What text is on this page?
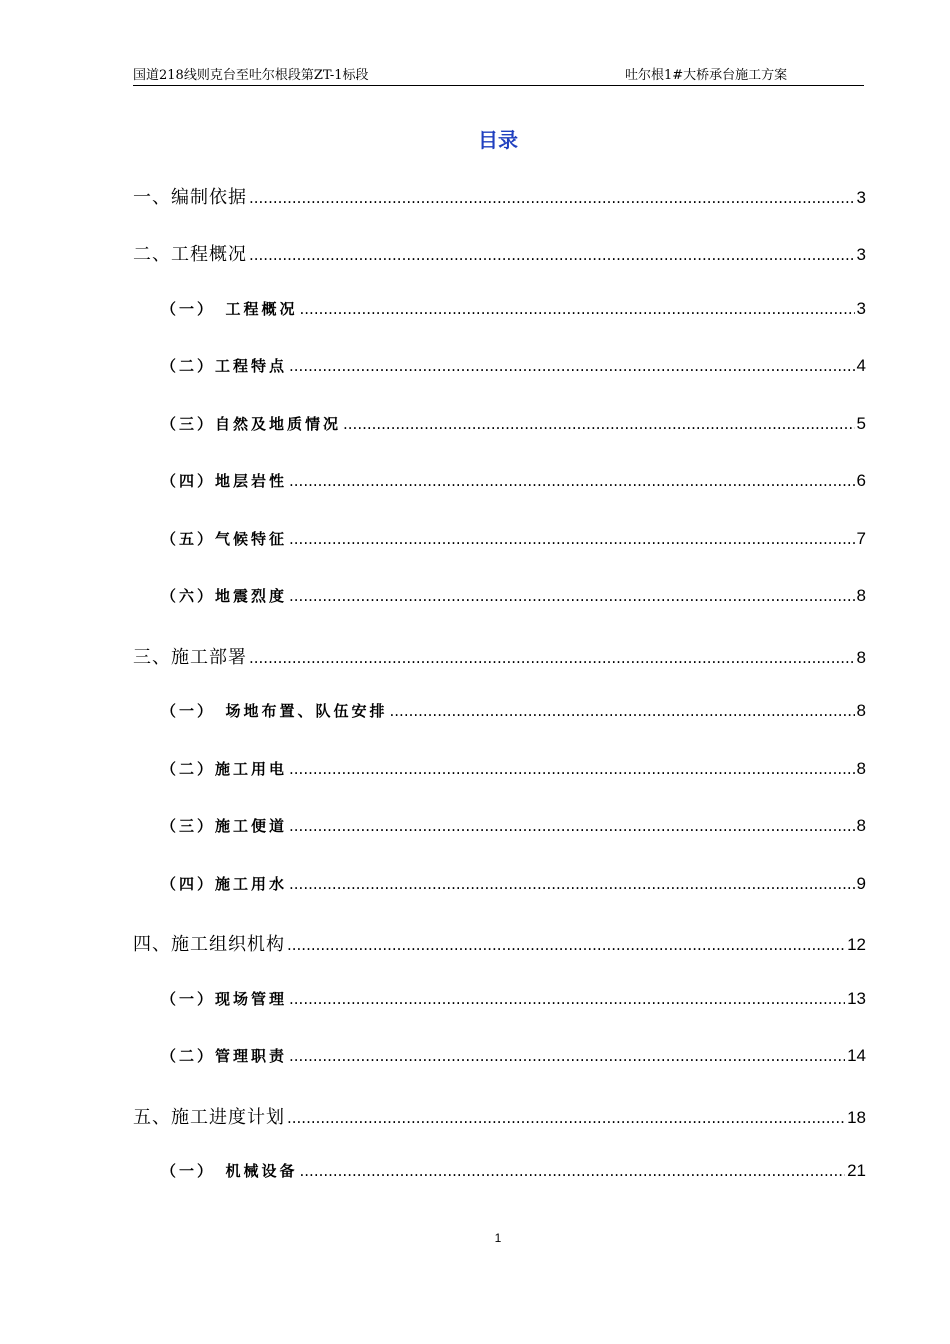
国道218线则克台至吐尔根段第ZT-1标段	吐尔根1#大桥承台施工方案
目录
一、编制依据 .....	3
二、工程概况 .....	3
（一）　工程概况 .....	3
（二）工程特点 .....	4
（三）自然及地质情况 .....	5
（四）地层岩性 .....	6
（五）气候特征 .....	7
（六）地震烈度 .....	8
三、施工部署 .....	8
（一）　场地布置、队伍安排 .....	8
（二）施工用电 .....	8
（三）施工便道 .....	8
（四）施工用水 .....	9
四、施工组织机构 .....	12
（一）现场管理 .....	13
（二）管理职责 .....	14
五、施工进度计划 .....	18
（一）　机械设备 .....	21
1
